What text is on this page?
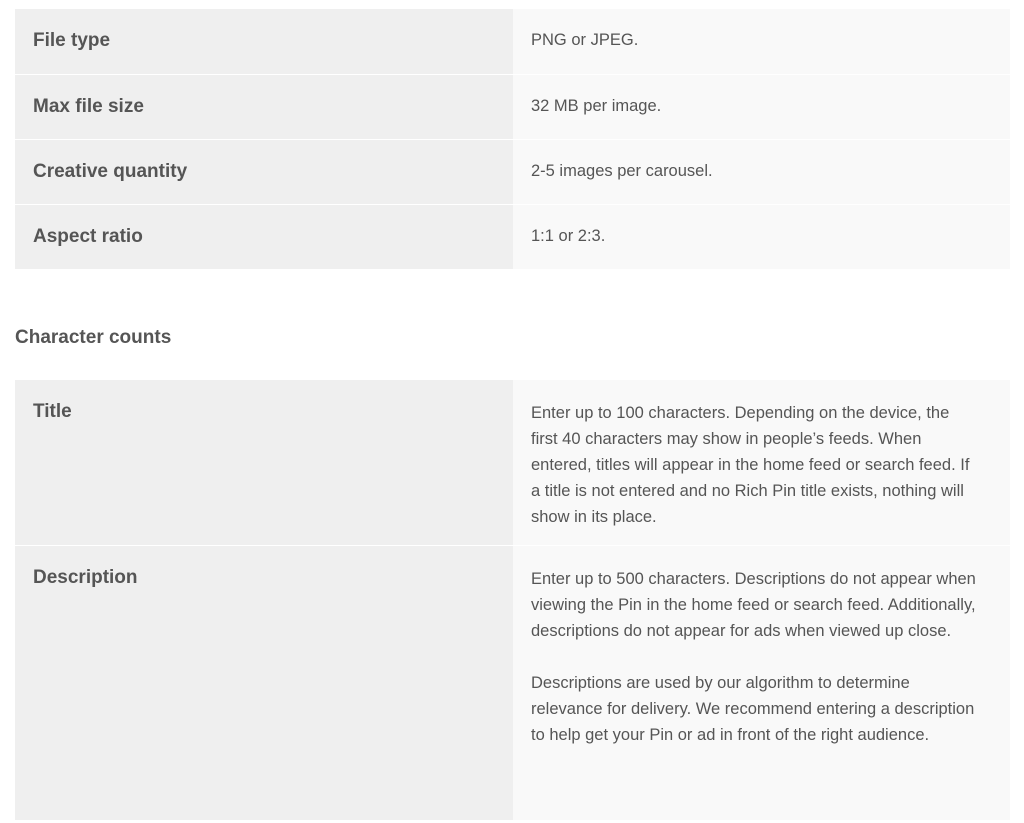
File type	PNG or JPEG.
Max file size	32 MB per image.
Creative quantity	2-5 images per carousel.
Aspect ratio	1:1 or 2:3.
Character counts
Title	Enter up to 100 characters. Depending on the device, the first 40 characters may show in people’s feeds. When entered, titles will appear in the home feed or search feed. If a title is not entered and no Rich Pin title exists, nothing will show in its place.
Description	Enter up to 500 characters. Descriptions do not appear when viewing the Pin in the home feed or search feed. Additionally, descriptions do not appear for ads when viewed up close.

Descriptions are used by our algorithm to determine relevance for delivery. We recommend entering a description to help get your Pin or ad in front of the right audience.
